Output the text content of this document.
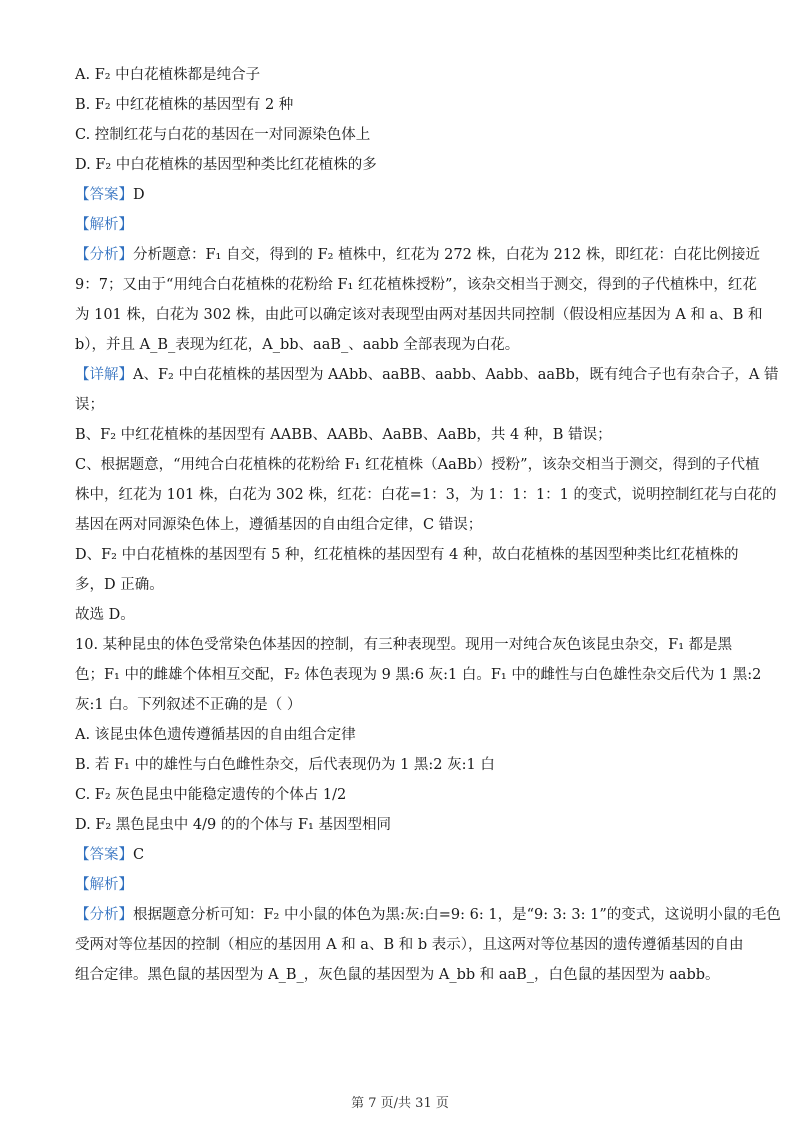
A. F₂ 中白花植株都是纯合子
B. F₂ 中红花植株的基因型有 2 种
C. 控制红花与白花的基因在一对同源染色体上
D. F₂ 中白花植株的基因型种类比红花植株的多
【答案】D
【解析】
【分析】分析题意：F₁ 自交，得到的 F₂ 植株中，红花为 272 株，白花为 212 株，即红花：白花比例接近
9：7；又由于“用纯合白花植株的花粉给 F₁ 红花植株授粉”，该杂交相当于测交，得到的子代植株中，红花
为 101 株，白花为 302 株，由此可以确定该对表现型由两对基因共同控制（假设相应基因为 A 和 a、B 和
b），并且 A_B_表现为红花，A_bb、aaB_、aabb 全部表现为白花。
【详解】A、F₂ 中白花植株的基因型为 AAbb、aaBB、aabb、Aabb、aaBb，既有纯合子也有杂合子，A 错
误；
B、F₂ 中红花植株的基因型有 AABB、AABb、AaBB、AaBb，共 4 种，B 错误；
C、根据题意，“用纯合白花植株的花粉给 F₁ 红花植株（AaBb）授粉”，该杂交相当于测交，得到的子代植
株中，红花为 101 株，白花为 302 株，红花：白花=1：3，为 1：1：1：1 的变式，说明控制红花与白花的
基因在两对同源染色体上，遵循基因的自由组合定律，C 错误；
D、F₂ 中白花植株的基因型有 5 种，红花植株的基因型有 4 种，故白花植株的基因型种类比红花植株的
多，D 正确。
故选 D。
10. 某种昆虫的体色受常染色体基因的控制，有三种表现型。现用一对纯合灰色该昆虫杂交，F₁ 都是黑
色；F₁ 中的雌雄个体相互交配，F₂ 体色表现为 9 黑:6 灰:1 白。F₁ 中的雌性与白色雄性杂交后代为 1 黑:2
灰:1 白。下列叙述不正确的是（ ）
A. 该昆虫体色遗传遵循基因的自由组合定律
B. 若 F₁ 中的雄性与白色雌性杂交，后代表现仍为 1 黑:2 灰:1 白
C. F₂ 灰色昆虫中能稳定遗传的个体占 1/2
D. F₂ 黑色昆虫中 4/9 的的个体与 F₁ 基因型相同
【答案】C
【解析】
【分析】根据题意分析可知：F₂ 中小鼠的体色为黑:灰:白=9: 6: 1，是“9: 3: 3: 1”的变式，这说明小鼠的毛色
受两对等位基因的控制（相应的基因用 A 和 a、B 和 b 表示），且这两对等位基因的遗传遵循基因的自由
组合定律。黑色鼠的基因型为 A_B_，灰色鼠的基因型为 A_bb 和 aaB_，白色鼠的基因型为 aabb。
第 7 页/共 31 页
